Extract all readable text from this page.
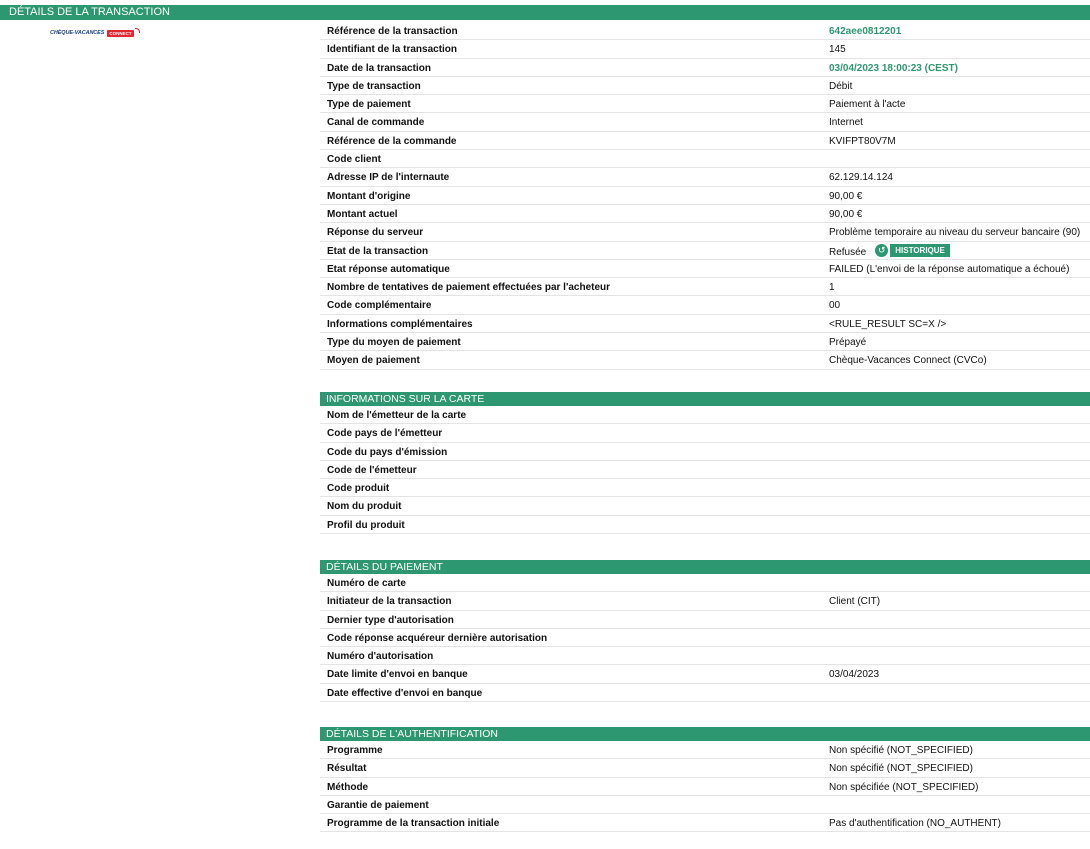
DÉTAILS DE LA TRANSACTION
CHÈQUE-VACANCES	CONNECT	Référence de la transaction	642aee0812201
Identifiant de la transaction	145
Date de la transaction	03/04/2023 18:00:23 (CEST)
Type de transaction	Débit
Type de paiement	Paiement à l'acte
Canal de commande	Internet
Référence de la commande	KVIFPT80V7M
Code client
Adresse IP de l'internaute	62.129.14.124
Montant d'origine	90,00 €
Montant actuel	90,00 €
Réponse du serveur	Problème temporaire au niveau du serveur bancaire (90)
Etat de la transaction	Refusée	↺	HISTORIQUE
Etat réponse automatique	FAILED (L'envoi de la réponse automatique a échoué)
Nombre de tentatives de paiement effectuées par l'acheteur	1
Code complémentaire	00
Informations complémentaires	<RULE_RESULT SC=X />
Type du moyen de paiement	Prépayé
Moyen de paiement	Chèque-Vacances Connect (CVCo)
INFORMATIONS SUR LA CARTE
Nom de l'émetteur de la carte
Code pays de l'émetteur
Code du pays d'émission
Code de l'émetteur
Code produit
Nom du produit
Profil du produit
DÉTAILS DU PAIEMENT
Numéro de carte
Initiateur de la transaction	Client (CIT)
Dernier type d'autorisation
Code réponse acquéreur dernière autorisation
Numéro d'autorisation
Date limite d'envoi en banque	03/04/2023
Date effective d'envoi en banque
DÉTAILS DE L'AUTHENTIFICATION
Programme	Non spécifié (NOT_SPECIFIED)
Résultat	Non spécifié (NOT_SPECIFIED)
Méthode	Non spécifiée (NOT_SPECIFIED)
Garantie de paiement
Programme de la transaction initiale	Pas d'authentification (NO_AUTHENT)
